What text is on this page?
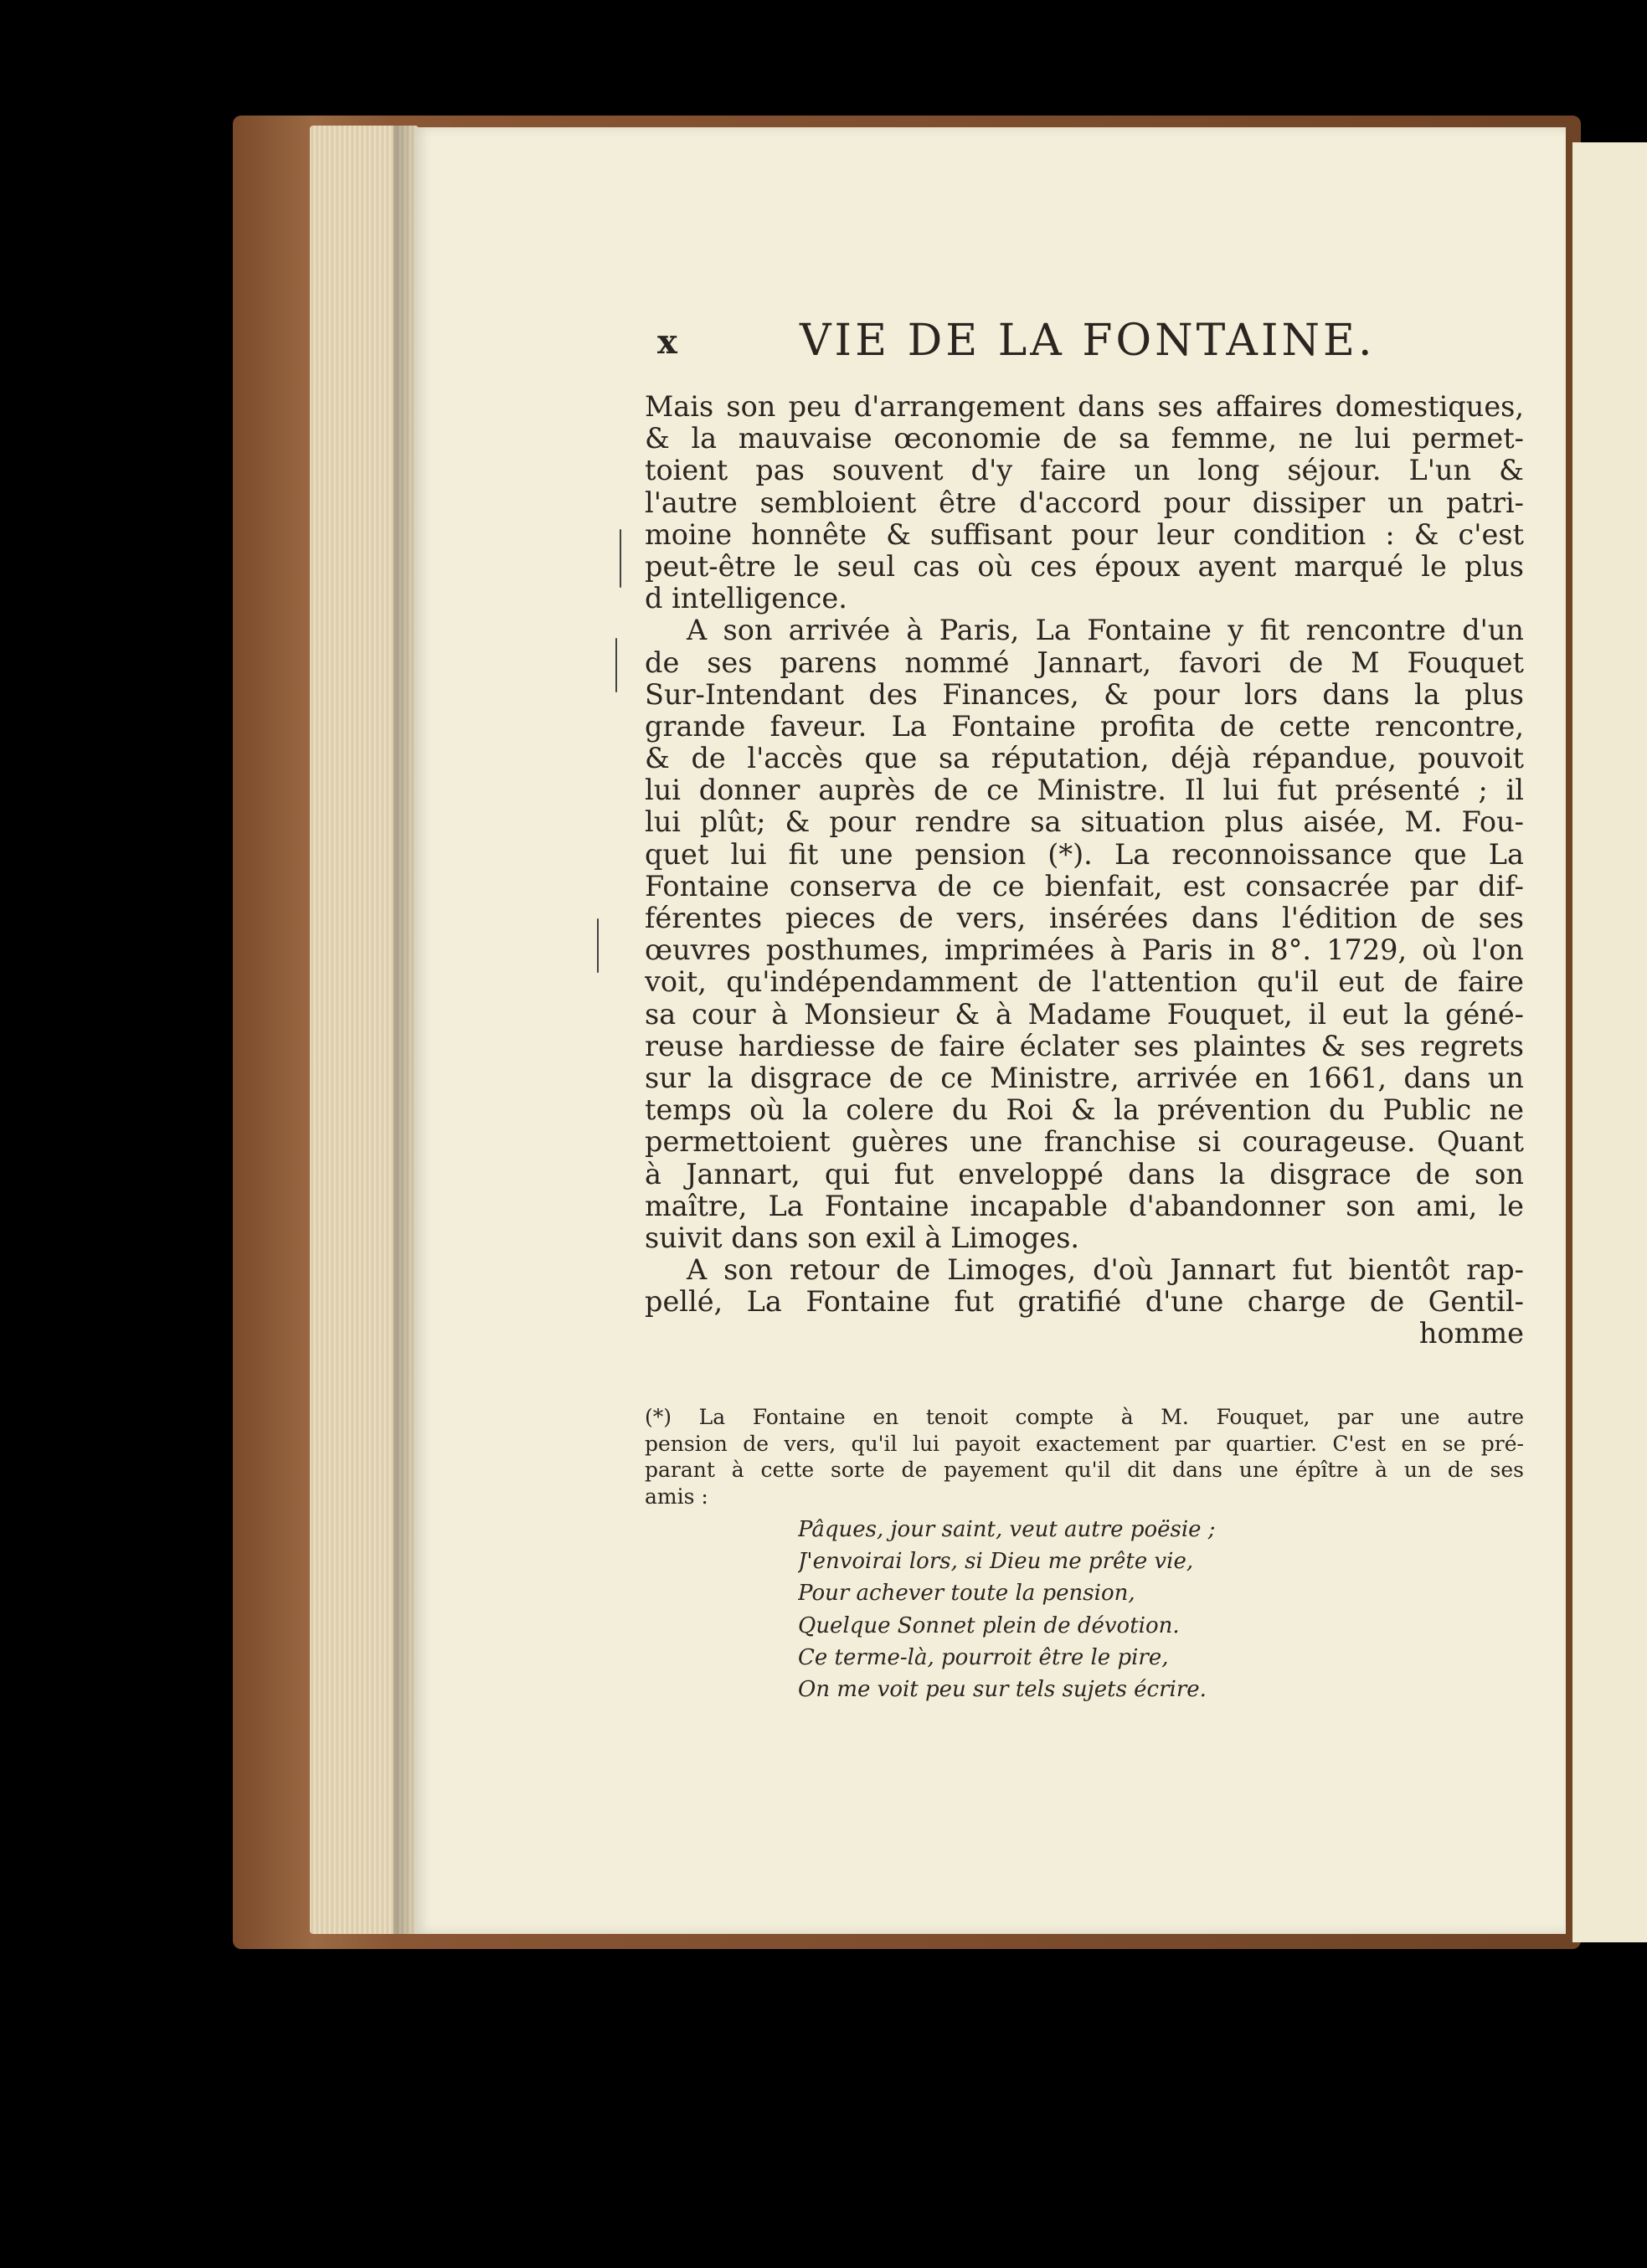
x	VIE DE LA FONTAINE.
Mais son peu d'arrangement dans ses affaires domestiques,
& la mauvaise œconomie de sa femme, ne lui permet-
toient pas souvent d'y faire un long séjour. L'un &
l'autre sembloient être d'accord pour dissiper un patri-
moine honnête & suffisant pour leur condition : & c'est
peut-être le seul cas où ces époux ayent marqué le plus
d intelligence.
A son arrivée à Paris, La Fontaine y fit rencontre d'un
de ses parens nommé Jannart, favori de M Fouquet
Sur-Intendant des Finances, & pour lors dans la plus
grande faveur. La Fontaine profita de cette rencontre,
& de l'accès que sa réputation, déjà répandue, pouvoit
lui donner auprès de ce Ministre. Il lui fut présenté ; il
lui plût; & pour rendre sa situation plus aisée, M. Fou-
quet lui fit une pension (*). La reconnoissance que La
Fontaine conserva de ce bienfait, est consacrée par dif-
férentes pieces de vers, insérées dans l'édition de ses
œuvres posthumes, imprimées à Paris in 8°. 1729, où l'on
voit, qu'indépendamment de l'attention qu'il eut de faire
sa cour à Monsieur & à Madame Fouquet, il eut la géné-
reuse hardiesse de faire éclater ses plaintes & ses regrets
sur la disgrace de ce Ministre, arrivée en 1661, dans un
temps où la colere du Roi & la prévention du Public ne
permettoient guères une franchise si courageuse. Quant
à Jannart, qui fut enveloppé dans la disgrace de son
maître, La Fontaine incapable d'abandonner son ami, le
suivit dans son exil à Limoges.
A son retour de Limoges, d'où Jannart fut bientôt rap-
pellé, La Fontaine fut gratifié d'une charge de Gentil-
homme
(*) La Fontaine en tenoit compte à M. Fouquet, par une autre
pension de vers, qu'il lui payoit exactement par quartier. C'est en se pré-
parant à cette sorte de payement qu'il dit dans une épître à un de ses
amis :
Pâques, jour saint, veut autre poësie ;
J'envoirai lors, si Dieu me prête vie,
Pour achever toute la pension,
Quelque Sonnet plein de dévotion.
Ce terme-là, pourroit être le pire,
On me voit peu sur tels sujets écrire.
